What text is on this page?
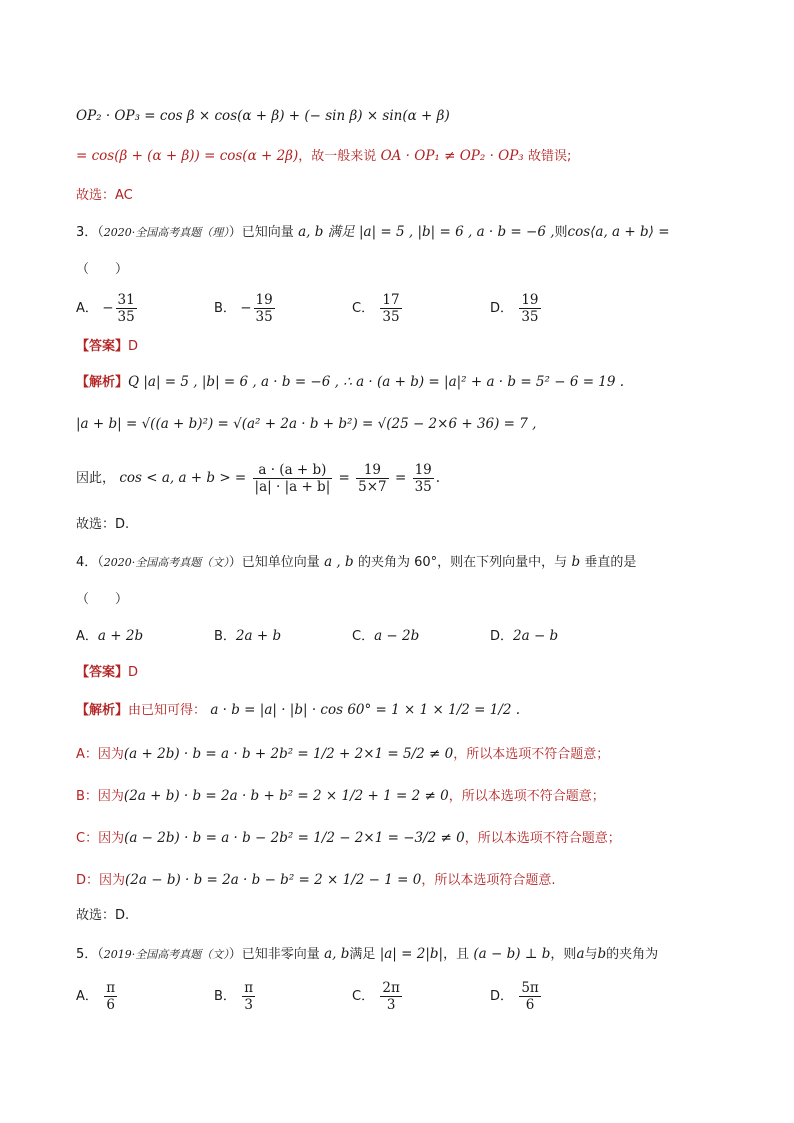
OP₂ · OP₃ = cos β × cos(α + β) + (− sin β) × sin(α + β)
= cos(β + (α + β)) = cos(α + 2β)，故一般来说 OA · OP₁ ≠ OP₂ · OP₃ 故错误;
故选：AC
3．（2020·全国高考真题（理））已知向量 a, b 满足 |a| = 5 , |b| = 6 , a · b = −6 ,则cos⟨a, a + b⟩ =
（　　）
A． − $\frac{31}{35}$	B． − $\frac{19}{35}$	C． $\frac{17}{35}$	D． $\frac{19}{35}$
【答案】D
【解析】Q |a| = 5 , |b| = 6 , a · b = −6 , ∴ a · (a + b) = |a|² + a · b = 5² − 6 = 19 .
|a + b| = √((a + b)²) = √(a² + 2a · b + b²) = √(25 − 2×6 + 36) = 7 ,
因此， cos < a, a + b > = $\frac{a \cdot (a + b)}{|a| \cdot |a + b|} = \frac{19}{5\times 7} = \frac{19}{35}$ .
故选：D.
4．（2020·全国高考真题（文））已知单位向量 a , b 的夹角为 60°，则在下列向量中，与 b 垂直的是
（　　）
A．a + 2b	B．2a + b	C．a − 2b	D．2a − b
【答案】D
【解析】由已知可得： a · b = |a| · |b| · cos 60° = 1 × 1 × 1/2 = 1/2 .
A：因为(a + 2b) · b = a · b + 2b² = 1/2 + 2×1 = 5/2 ≠ 0，所以本选项不符合题意；
B：因为(2a + b) · b = 2a · b + b² = 2 × 1/2 + 1 = 2 ≠ 0，所以本选项不符合题意；
C：因为(a − 2b) · b = a · b − 2b² = 1/2 − 2×1 = −3/2 ≠ 0，所以本选项不符合题意；
D：因为(2a − b) · b = 2a · b − b² = 2 × 1/2 − 1 = 0，所以本选项符合题意.
故选：D.
5．（2019·全国高考真题（文））已知非零向量 a, b满足 |a| = 2|b|，且 (a − b) ⊥ b，则a与b的夹角为
A． $\frac{\pi}{6}$	B． $\frac{\pi}{3}$	C． $\frac{2\pi}{3}$	D． $\frac{5\pi}{6}$
